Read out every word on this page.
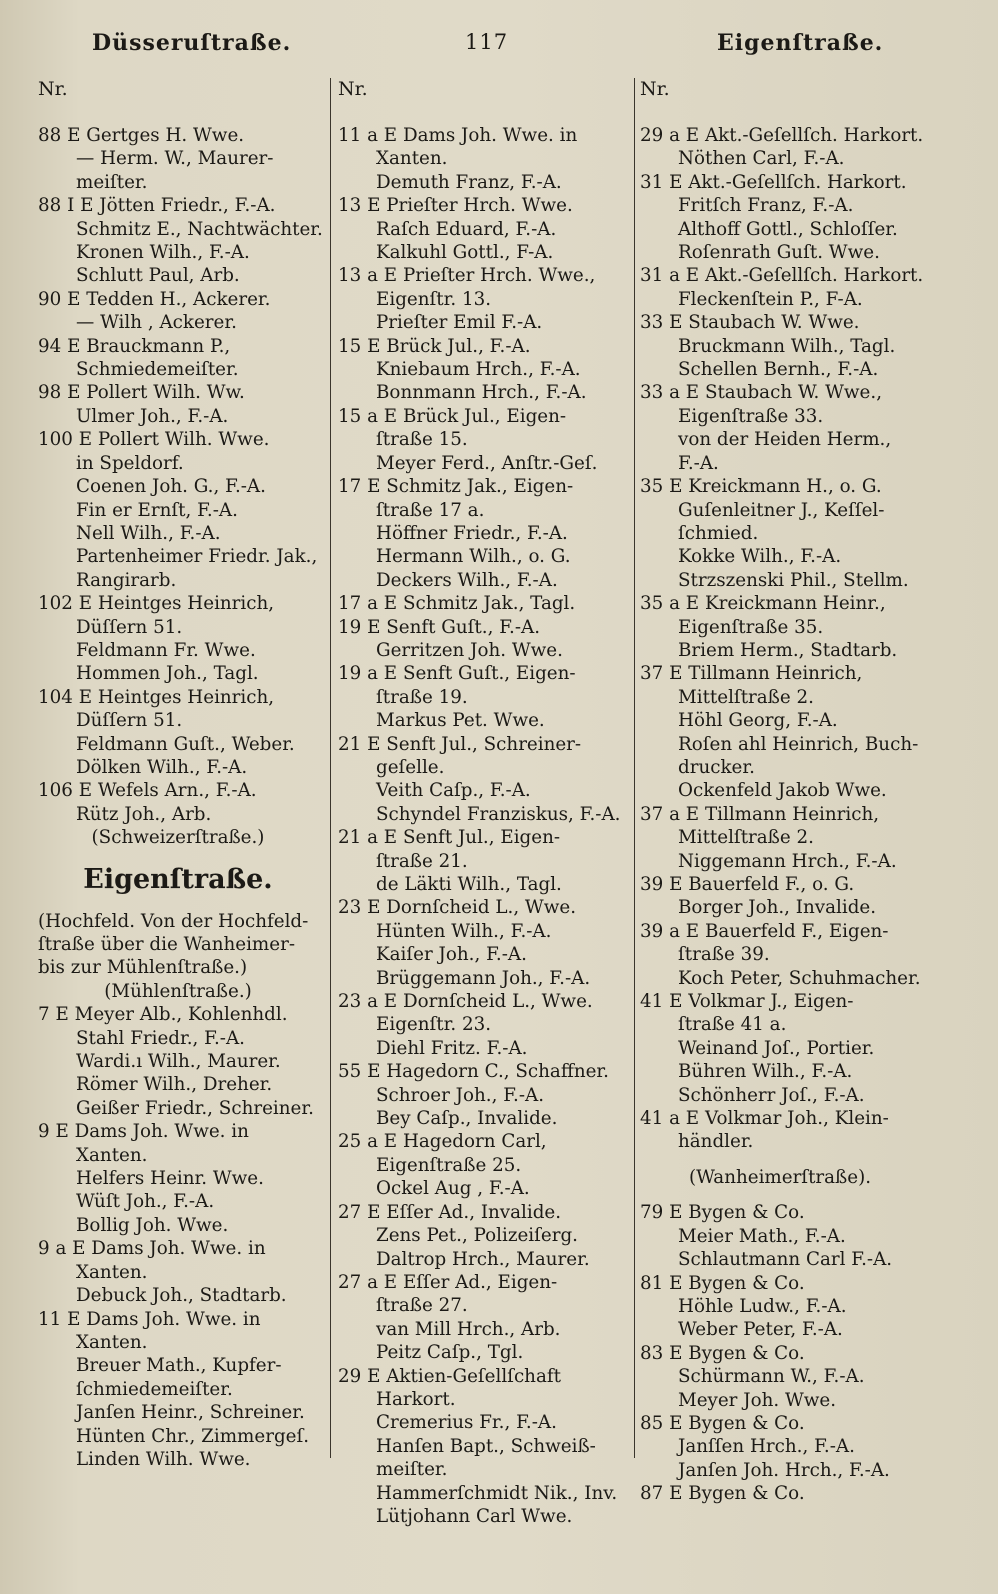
Düsseruſtraße.	117	Eigenſtraße.
Nr.
88 E Gertges H. Wwe.
— Herm. W., Maurer-
meiſter.
88 I E Jötten Friedr., F.-A.
Schmitz E., Nachtwächter.
Kronen Wilh., F.-A.
Schlutt Paul, Arb.
90 E Tedden H., Ackerer.
— Wilh , Ackerer.
94 E Brauckmann P.,
Schmiedemeiſter.
98 E Pollert Wilh. Ww.
Ulmer Joh., F.-A.
100 E Pollert Wilh. Wwe.
in Speldorf.
Coenen Joh. G., F.-A.
Fin er Ernſt, F.-A.
Nell Wilh., F.-A.
Partenheimer Friedr. Jak.,
Rangirarb.
102 E Heintges Heinrich,
Düſſern 51.
Feldmann Fr. Wwe.
Hommen Joh., Tagl.
104 E Heintges Heinrich,
Düſſern 51.
Feldmann Guſt., Weber.
Dölken Wilh., F.-A.
106 E Wefels Arn., F.-A.
Rütz Joh., Arb.
(Schweizerſtraße.)
Eigenſtraße.
(Hochfeld. Von der Hochfeld-
ſtraße über die Wanheimer-
bis zur Mühlenſtraße.)
(Mühlenſtraße.)
7 E Meyer Alb., Kohlenhdl.
Stahl Friedr., F.-A.
Wardi.ı Wilh., Maurer.
Römer Wilh., Dreher.
Geißer Friedr., Schreiner.
9 E Dams Joh. Wwe. in
Xanten.
Helfers Heinr. Wwe.
Wüſt Joh., F.-A.
Bollig Joh. Wwe.
9 a E Dams Joh. Wwe. in
Xanten.
Debuck Joh., Stadtarb.
11 E Dams Joh. Wwe. in
Xanten.
Breuer Math., Kupfer-
ſchmiedemeiſter.
Janſen Heinr., Schreiner.
Hünten Chr., Zimmergeſ.
Linden Wilh. Wwe.
Nr.
11 a E Dams Joh. Wwe. in
Xanten.
Demuth Franz, F.-A.
13 E Prieſter Hrch. Wwe.
Raſch Eduard, F.-A.
Kalkuhl Gottl., F-A.
13 a E Prieſter Hrch. Wwe.,
Eigenſtr. 13.
Prieſter Emil F.-A.
15 E Brück Jul., F.-A.
Kniebaum Hrch., F.-A.
Bonnmann Hrch., F.-A.
15 a E Brück Jul., Eigen-
ſtraße 15.
Meyer Ferd., Anſtr.-Geſ.
17 E Schmitz Jak., Eigen-
ſtraße 17 a.
Höffner Friedr., F.-A.
Hermann Wilh., o. G.
Deckers Wilh., F.-A.
17 a E Schmitz Jak., Tagl.
19 E Senft Guſt., F.-A.
Gerritzen Joh. Wwe.
19 a E Senft Guſt., Eigen-
ſtraße 19.
Markus Pet. Wwe.
21 E Senft Jul., Schreiner-
geſelle.
Veith Caſp., F.-A.
Schyndel Franziskus, F.-A.
21 a E Senft Jul., Eigen-
ſtraße 21.
de Läkti Wilh., Tagl.
23 E Dornſcheid L., Wwe.
Hünten Wilh., F.-A.
Kaiſer Joh., F.-A.
Brüggemann Joh., F.-A.
23 a E Dornſcheid L., Wwe.
Eigenſtr. 23.
Diehl Fritz. F.-A.
55 E Hagedorn C., Schaffner.
Schroer Joh., F.-A.
Bey Caſp., Invalide.
25 a E Hagedorn Carl,
Eigenſtraße 25.
Ockel Aug , F.-A.
27 E Eſſer Ad., Invalide.
Zens Pet., Polizeiſerg.
Daltrop Hrch., Maurer.
27 a E Eſſer Ad., Eigen-
ſtraße 27.
van Mill Hrch., Arb.
Peitz Caſp., Tgl.
29 E Aktien-Geſellſchaft
Harkort.
Cremerius Fr., F.-A.
Hanſen Bapt., Schweiß-
meiſter.
Hammerſchmidt Nik., Inv.
Lütjohann Carl Wwe.
Nr.
29 a E Akt.-Geſellſch. Harkort.
Nöthen Carl, F.-A.
31 E Akt.-Geſellſch. Harkort.
Fritſch Franz, F.-A.
Althoff Gottl., Schloſſer.
Roſenrath Guſt. Wwe.
31 a E Akt.-Geſellſch. Harkort.
Fleckenſtein P., F-A.
33 E Staubach W. Wwe.
Bruckmann Wilh., Tagl.
Schellen Bernh., F.-A.
33 a E Staubach W. Wwe.,
Eigenſtraße 33.
von der Heiden Herm.,
F.-A.
35 E Kreickmann H., o. G.
Guſenleitner J., Keſſel-
ſchmied.
Kokke Wilh., F.-A.
Strzszenski Phil., Stellm.
35 a E Kreickmann Heinr.,
Eigenſtraße 35.
Briem Herm., Stadtarb.
37 E Tillmann Heinrich,
Mittelſtraße 2.
Höhl Georg, F.-A.
Roſen ahl Heinrich, Buch-
drucker.
Ockenfeld Jakob Wwe.
37 a E Tillmann Heinrich,
Mittelſtraße 2.
Niggemann Hrch., F.-A.
39 E Bauerfeld F., o. G.
Borger Joh., Invalide.
39 a E Bauerfeld F., Eigen-
ſtraße 39.
Koch Peter, Schuhmacher.
41 E Volkmar J., Eigen-
ſtraße 41 a.
Weinand Joſ., Portier.
Bühren Wilh., F.-A.
Schönherr Joſ., F.-A.
41 a E Volkmar Joh., Klein-
händler.
(Wanheimerſtraße).
79 E Bygen & Co.
Meier Math., F.-A.
Schlautmann Carl F.-A.
81 E Bygen & Co.
Höhle Ludw., F.-A.
Weber Peter, F.-A.
83 E Bygen & Co.
Schürmann W., F.-A.
Meyer Joh. Wwe.
85 E Bygen & Co.
Janſſen Hrch., F.-A.
Janſen Joh. Hrch., F.-A.
87 E Bygen & Co.
